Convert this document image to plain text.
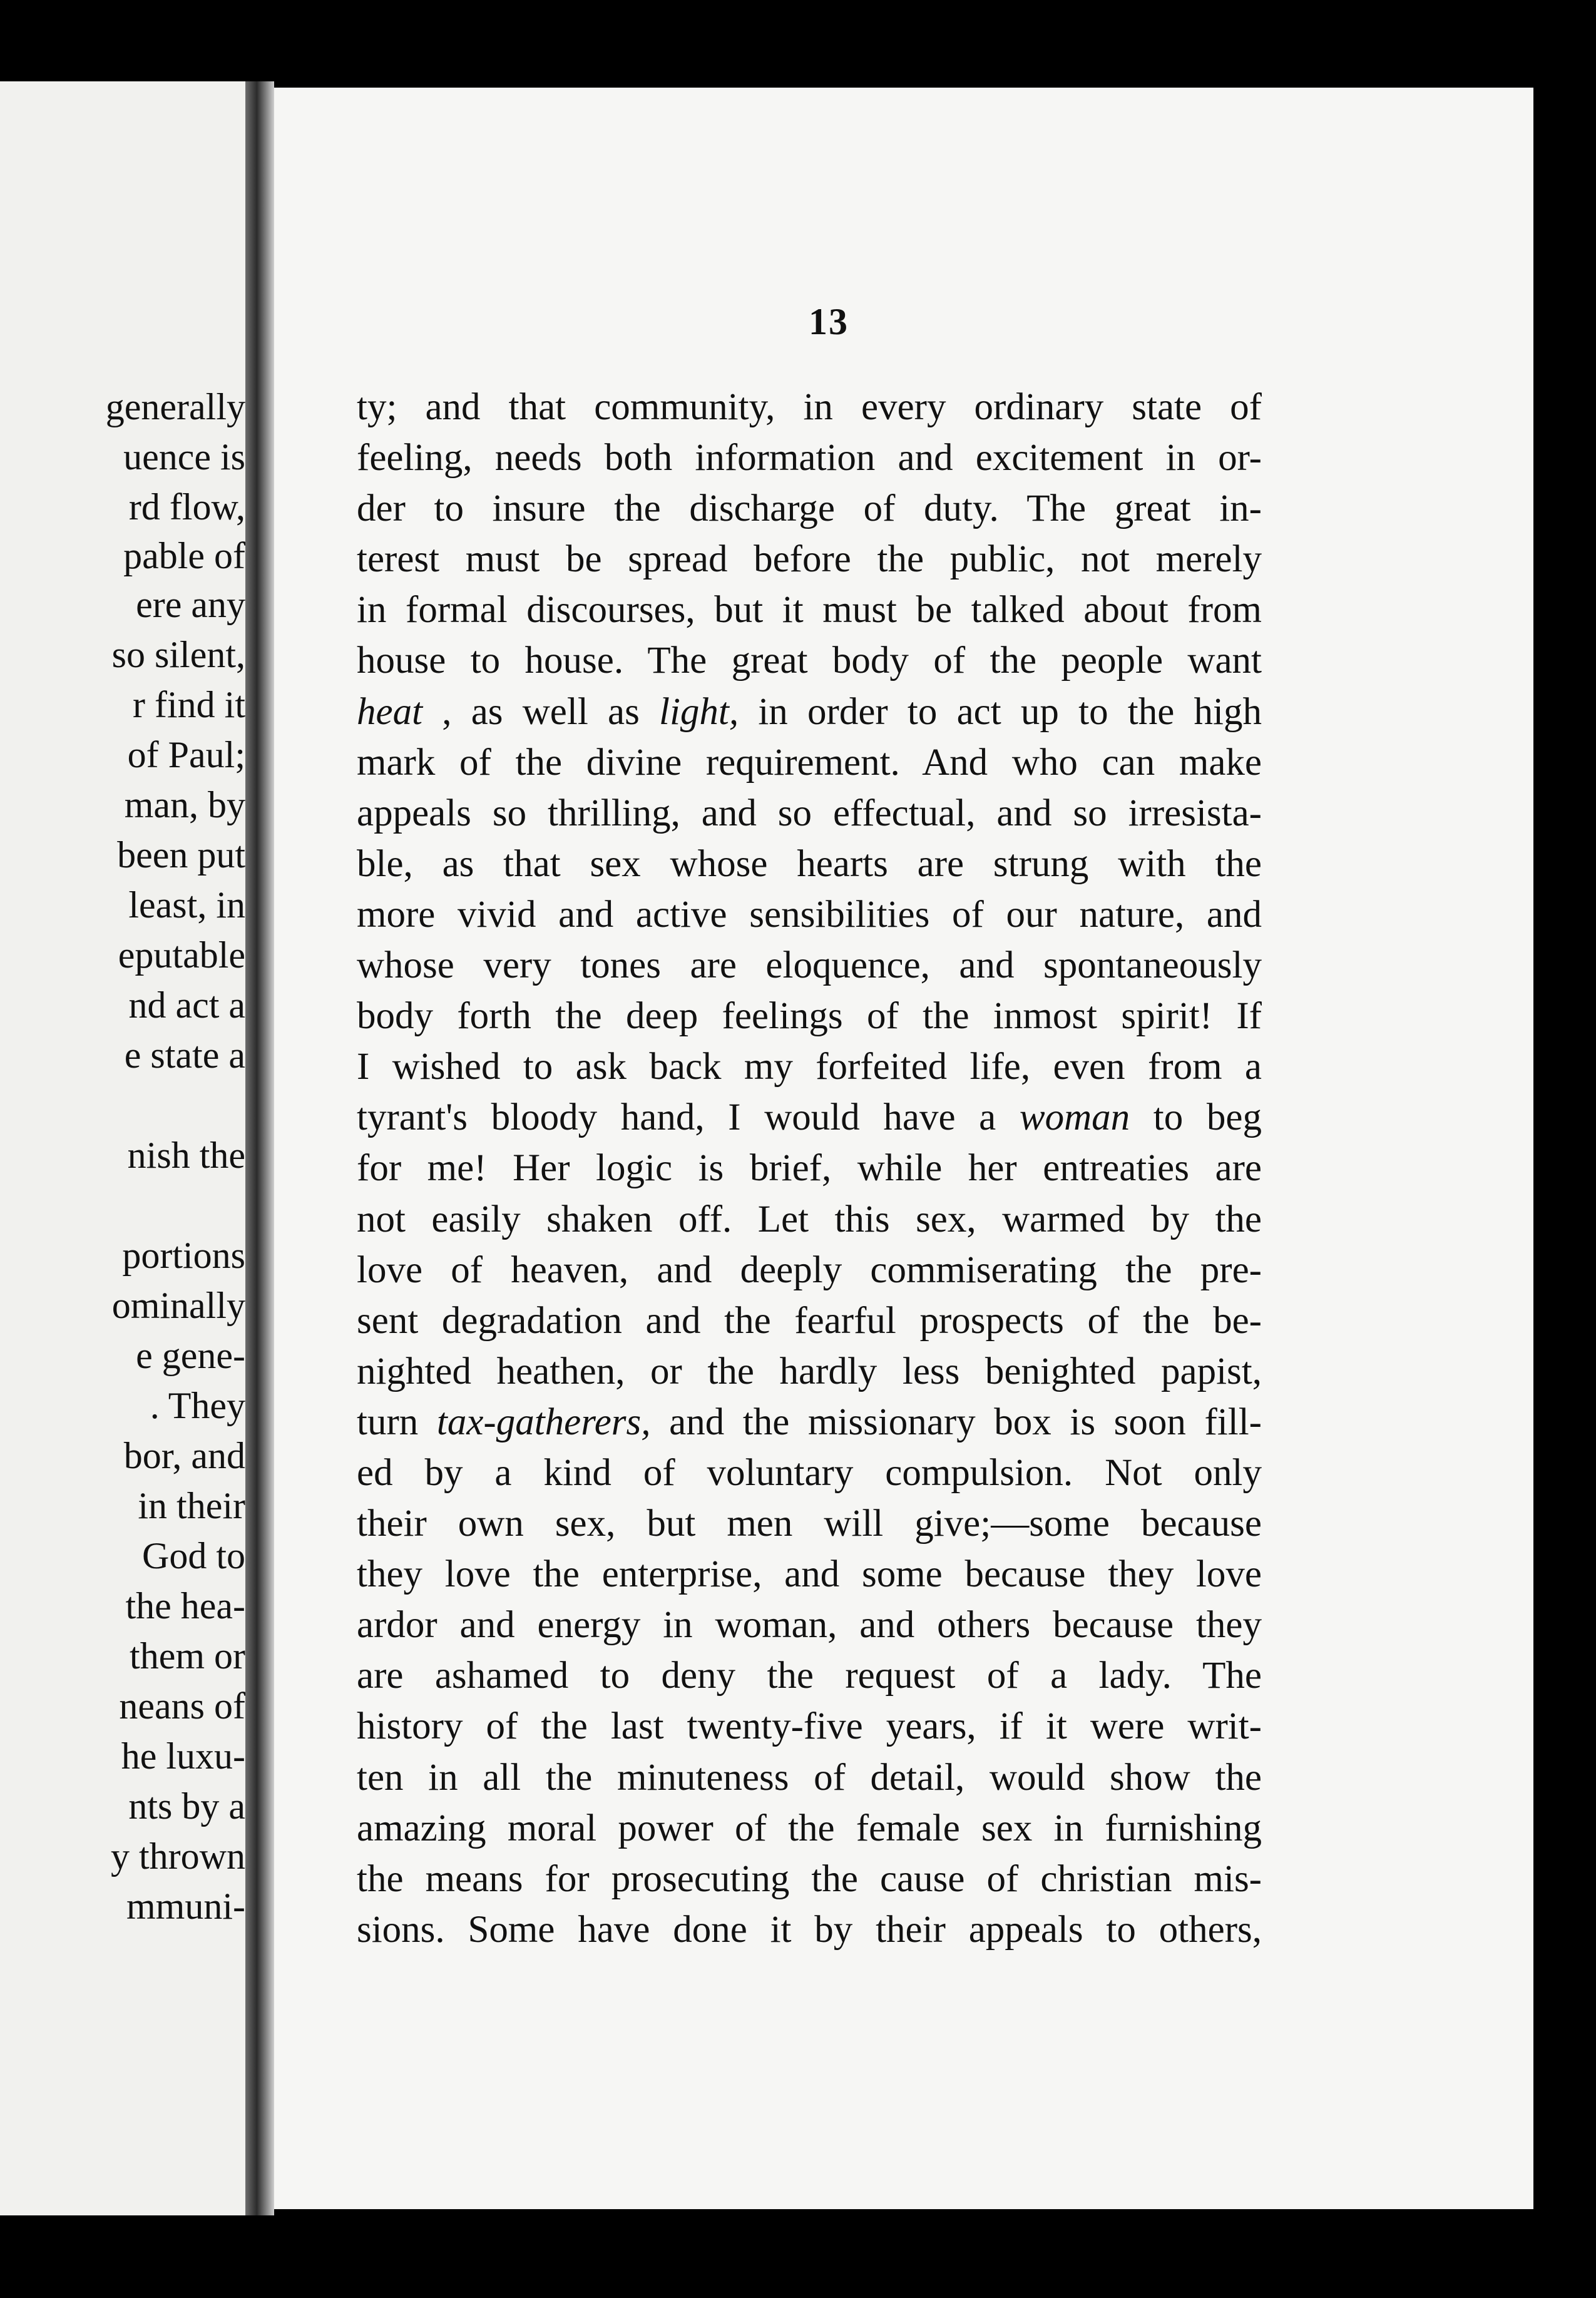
generally
uence is
rd flow,
pable of
ere any
so silent,
r find it
of Paul;
man, by
been put
least, in
eputable
nd act a
e state a
nish the
portions
ominally
e gene-
. They
bor, and
in their
God to
the hea-
them or
neans of
he luxu-
nts by a
y thrown
mmuni-
13
ty; and that community, in every ordinary state of
feeling, needs both information and excitement in or-
der to insure the discharge of duty. The great in-
terest must be spread before the public, not merely
in formal discourses, but it must be talked about from
house to house. The great body of the people want
heat , as well as light, in order to act up to the high
mark of the divine requirement. And who can make
appeals so thrilling, and so effectual, and so irresista-
ble, as that sex whose hearts are strung with the
more vivid and active sensibilities of our nature, and
whose very tones are eloquence, and spontaneously
body forth the deep feelings of the inmost spirit! If
I wished to ask back my forfeited life, even from a
tyrant's bloody hand, I would have a woman to beg
for me! Her logic is brief, while her entreaties are
not easily shaken off. Let this sex, warmed by the
love of heaven, and deeply commiserating the pre-
sent degradation and the fearful prospects of the be-
nighted heathen, or the hardly less benighted papist,
turn tax-gatherers, and the missionary box is soon fill-
ed by a kind of voluntary compulsion. Not only
their own sex, but men will give;—some because
they love the enterprise, and some because they love
ardor and energy in woman, and others because they
are ashamed to deny the request of a lady. The
history of the last twenty-five years, if it were writ-
ten in all the minuteness of detail, would show the
amazing moral power of the female sex in furnishing
the means for prosecuting the cause of christian mis-
sions. Some have done it by their appeals to others,
